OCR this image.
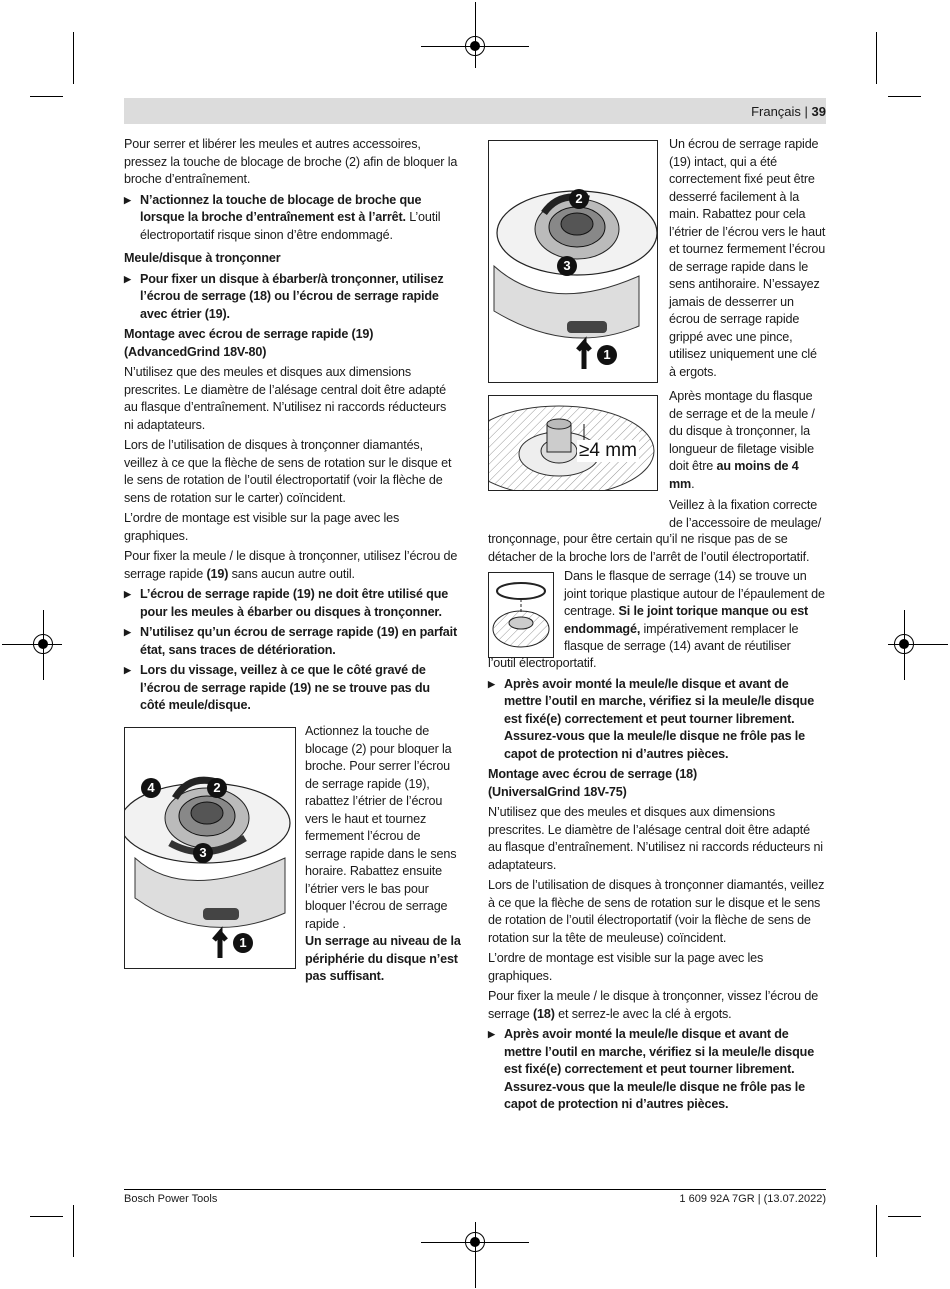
Français | 39

Pour serrer et libérer les meules et autres accessoires, pressez la touche de blocage de broche (2) afin de bloquer la broche d’entraînement.

▶ N’actionnez la touche de blocage de broche que lorsque la broche d’entraînement est à l’arrêt. L’outil électroportatif risque sinon d’être endommagé.
Meule/disque à tronçonner
▶ Pour fixer un disque à ébarber/à tronçonner, utilisez l’écrou de serrage (18) ou l’écrou de serrage rapide avec étrier (19).
Montage avec écrou de serrage rapide (19)
(AdvancedGrind 18V-80)

N’utilisez que des meules et disques aux dimensions prescrites. Le diamètre de l’alésage central doit être adapté au flasque d’entraînement. N’utilisez ni raccords réducteurs ni adaptateurs.

Lors de l’utilisation de disques à tronçonner diamantés, veillez à ce que la flèche de sens de rotation sur le disque et le sens de rotation de l’outil électroportatif (voir la flèche de sens de rotation sur le carter) coïncident.

L’ordre de montage est visible sur la page avec les graphiques.

Pour fixer la meule / le disque à tronçonner, utilisez l’écrou de serrage rapide (19) sans aucun autre outil.

▶ L’écrou de serrage rapide (19) ne doit être utilisé que pour les meules à ébarber ou disques à tronçonner.
▶ N’utilisez qu’un écrou de serrage rapide (19) en parfait état, sans traces de détérioration.
▶ Lors du vissage, veillez à ce que le côté gravé de l’écrou de serrage rapide (19) ne se trouve pas du côté meule/disque.
4	2
3
1

Actionnez la touche de blocage (2) pour bloquer la broche. Pour serrer l’écrou de serrage rapide (19), rabattez l’étrier de l’écrou vers le haut et tournez fermement l’écrou de serrage rapide dans le sens horaire. Rabattez ensuite l’étrier vers le bas pour bloquer l’écrou de serrage rapide .

Un serrage au niveau de la périphérie du disque n’est pas suffisant.

2
3
1

Un écrou de serrage rapide (19) intact, qui a été correctement fixé peut être desserré facilement à la main. Rabattez pour cela l’étrier de l’écrou vers le haut et tournez fermement l’écrou de serrage rapide dans le sens antihoraire. N’essayez jamais de desserrer un écrou de serrage rapide grippé avec une pince, utilisez uniquement une clé à ergots.

≥4 mm

Après montage du flasque de serrage et de la meule / du disque à tronçonner, la longueur de filetage visible doit être au moins de 4 mm.

Veillez à la fixation correcte de l’accessoire de meulage/

tronçonnage, pour être certain qu’il ne risque pas de se détacher de la broche lors de l’arrêt de l’outil électroportatif.

Dans le flasque de serrage (14) se trouve un joint torique plastique autour de l’épaulement de centrage. Si le joint torique manque ou est endommagé, impérativement remplacer le flasque de serrage (14) avant de réutiliser

l’outil électroportatif.

▶ Après avoir monté la meule/le disque et avant de mettre l’outil en marche, vérifiez si la meule/le disque est fixé(e) correctement et peut tourner librement. Assurez-vous que la meule/le disque ne frôle pas le capot de protection ni d’autres pièces.
Montage avec écrou de serrage (18)
(UniversalGrind 18V-75)

N’utilisez que des meules et disques aux dimensions prescrites. Le diamètre de l’alésage central doit être adapté au flasque d’entraînement. N’utilisez ni raccords réducteurs ni adaptateurs.

Lors de l’utilisation de disques à tronçonner diamantés, veillez à ce que la flèche de sens de rotation sur le disque et le sens de rotation de l’outil électroportatif (voir la flèche de sens de rotation sur la tête de meuleuse) coïncident.

L’ordre de montage est visible sur la page avec les graphiques.

Pour fixer la meule / le disque à tronçonner, vissez l’écrou de serrage (18) et serrez-le avec la clé à ergots.

▶ Après avoir monté la meule/le disque et avant de mettre l’outil en marche, vérifiez si la meule/le disque est fixé(e) correctement et peut tourner librement. Assurez-vous que la meule/le disque ne frôle pas le capot de protection ni d’autres pièces.
Bosch Power Tools	1 609 92A 7GR | (13.07.2022)
